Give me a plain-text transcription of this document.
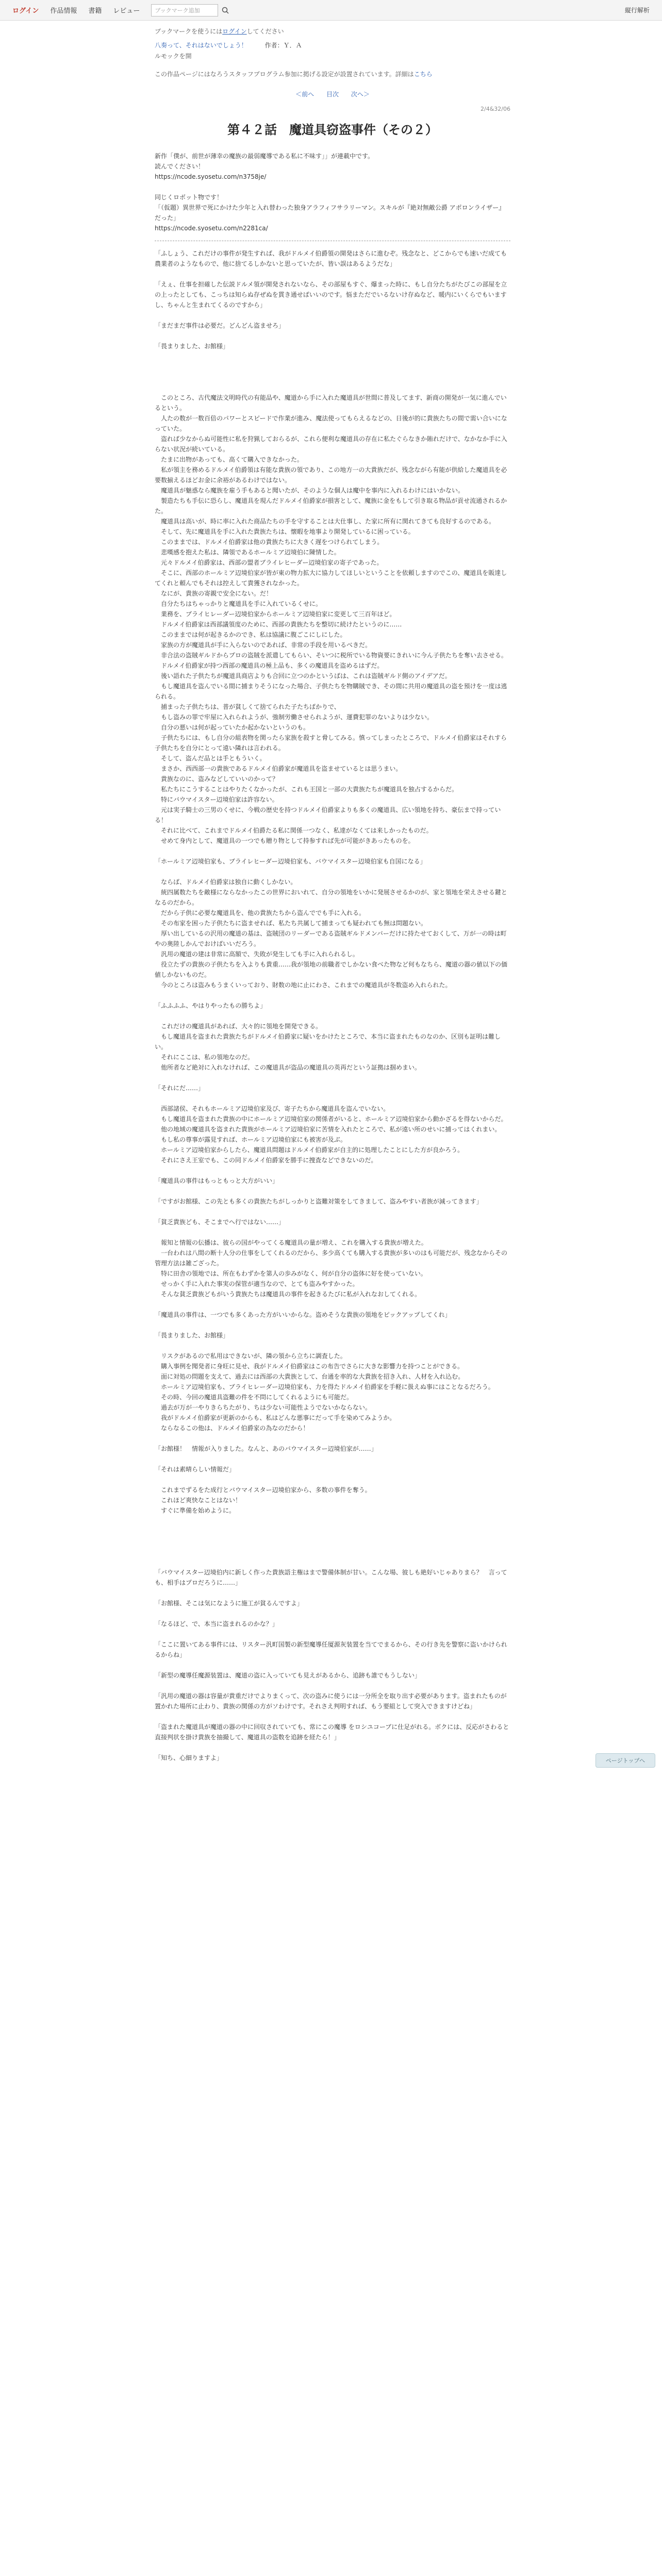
ログイン 作品情報 書籍 レビュー	ブックマーク追加	縦行解析
ブックマークを使うにはログインしてください
八奏って、それはないでしょう！	作者：Ｙ．Ａ
ルモックを開
この作品ページにはなろうスタッフプログラム参加に掲げる設定が設置されています。詳細はこちら
＜前へ 目次 次へ＞
2/4&32/06
第４２話　魔道具窃盗事件（その２）

新作「僕が、前世が薄幸の魔族の最弱魔導である私に不味す」」が連載中です。

読んでください！

https://ncode.syosetu.com/n3758je/

同じくロボット物です！

「（仮題）異世界で死にかけた少年と入れ替わった独身アラフィフサラリーマン。スキルが『絶対無敵公爵 アポロンライザー』だった」

https://ncode.syosetu.com/n2281ca/

「ふしょう、これだけの事件が発生すれば、我がドルメイ伯爵領の開発はさらに進むぞ。残念なと、どこからでも速いだ成ても農業者のようなもので、他に捨てるしかないと思っていたが、皆い誤はあるようだな」

「えぇ、仕事を担確した伝説ドルメ領が開発されないなら、その部屋もすぐ、爆まった時に、もし自分たちがたびこの部屋を立の上ったとしても、こっちは知らぬ存ぜぬを貫き通せばいいのです。悩まただでいるないけ存ぬなど、暖内にいくらでもいますし、ちゃんと生まれてくるのですから」

「まだまだ事件は必要だ。どんどん盗ませろ」

「畏まりました、お館様」

　このところ、古代魔法文明時代の有能品や、魔道から手に入れた魔道具が世間に普及してます、新商の開発が一気に進んでいるという。

　人たの数が一数百倍のパワーとスピードで作業が進み、魔法使ってもらえるなどの、日後が的に貴族たちの間で需い合いになっていた。

　盗れば少なからぬ可能性に私を狩猟しておらるが、これら便利な魔道具の存在に私たぐらなきか賄れだけで、なかなか手に入らない状況が続いている。

　たまに出物があっても、高くて購入できなかった。

　私が領主を務めるドルメイ伯爵領は有能な貴族の領であり、この地方一の大貴族だが、残念ながら有能が供給した魔道具を必要数揃えるほどお金に余裕があるわけではない。

　魔道具が魅惑なら魔族を雇う手もあると聞いたが、そのような個人は魔中を事内に入れるわけにはいかない。

　製造たちも手伝に恐らし、魔道具を現んだドルメイ伯爵家が損害として、魔族に金をもして引き取る物品が貢せ流通されるかた。

　魔道具は高いが、時に率に入れた商品たちの手を守することは大仕事し、た家に所有に関れてきても良好するのである。

　そして、先に魔道具を手に入れた貴族たちは、懐暇を地事より開発しているに困っている。

　このままでは、ドルメイ伯爵家は他の貴族たちに大きく遅をつけられてしまう。

　悲嘆感を抱えた私は、隣領であるホールミア辺境伯に陳情した。

　元々ドルメイ伯爵家は、西部の盟者ブライレヒーダー辺境伯家の寄子であった。

　そこに、西部のホールミア辺境伯家が皆が東の物力拡大に協力してほしいということを依頼しますのでこの、魔道具を販達してくれと頼んでもそれは控えして貴獲されなかった。

　なにが、貴族の寄親で安全にない。だ！

　自分たちはちゃっかりと魔道具を手に入れているくせに。

　業務を、ブライヒレーダー辺境伯家からホールミア辺境伯家に変更して三百年ほど。

　ドルメイ伯爵家は西部議領度のために、西部の貴族たちを整切に続けたというのに……

　このままでは何が起きるかのでき、私は協議に腹ごこにしにした。

　家族の方が魔道具が手に入らないのであれば、非常の手段を用いるべきだ。

　非合法の盗賊ギルドからプロの盗賊を派遣してもらい、そいつに税所でいる物資要にきれいに今ん子供たちを奪い去させる。

　ドルメイ伯爵家が持つ西部の魔道具の極上品も、多くの魔道具を盗めるはずだ。

　後い語れた子供たちが魔道具商店よりも合回に立つのかというばは、これは盗賊ギルド側のアイデアだ。

　もし魔道具を盗んでいる間に捕まりそうになった場合、子供たちを物購賊でき、その間に共用の魔道具の盗を預けを一度は逃られる。

　捕まった子供たちは、普が貧しくて捨てられた子たちばかりで、

　もし盗みの罪で牢屋に入れられようが、強制労働させられようが、運費犯罪のないよりは少ない。

　自分の悪いは何が起っていたか起かないというのも。

　子供たちには、もし自分の組表物を関ったら家族を殺すと脅してみる。慎ってしまったところで、ドルメイ伯爵家はそれすら子供たちを自分にとって遠い隣れは言われる。

　そして、盗んだ品とは手ともういく。

　まさか、西西部一の貴族であるドルメイ伯爵家が魔道具を盗ませているとは思うまい。

　貴族なのに、盗みなどしていいのかって？

　私たちにこうすることはやりたくなかったが、これも王国と一部の大貴族たちが魔道具を独占するからだ。

　特にバウマイスター辺境伯家は許容ない。

　元は実子騎士の三男のくせに、今戦の歴史を持つドルメイ伯爵家よりも多くの魔道具、広い領地を持ち、豪伝まで持っている！

　それに比べて、これまでドルメイ伯爵たる私に関係一つなく、私達がなくては来しかったものだ。

　せめて身内として、魔道具の一つでも贈り物として持参すれば先が可能がきあったものを。

「ホールミア辺境伯家も、ブライレヒーダー辺境伯家も、バウマイスター辺境伯家も自国になる」

　ならば、ドルメイ伯爵家は独自に動くしかない。

　統四属数たちを敵様にならなかったこの世界においれて、自分の領地をいかに発展させるかのが、家と領地を栄えさせる鍵となるのだから。

　だから子供に必要な魔道具を、他の貴族たちから盗んででも手に入れる。

　その布家を困った子供たちに盗ませれば、私たち共属して捕まっても疑われても無は問題ない。

　厚い出しているの沢用の魔道の基は、盗賊団のリーダーである盗賊ギルドメンバーだけに持たせておくして、万が一の時は町やの奥陸しかんでおけばいいだろう。

　汎用の魔道の建は非常に高額で、失敗が発生しても手に入れられるし。

　役立たずの貴族の子供たちを入よりも貴重……我が領地の前職者でしかない食べた物など何もなちら、魔道の器の値以下の価値しかないものだ。

　今のところは盗みもうまくいっており、財数の地に止にわさ、これまでの魔道具が冬数盗め入れられた。

「ふふふふ、やはりやったもの勝ちよ」

　これだけの魔道具があれば、大々的に領地を開発できる。

　もし魔道具を盗まれた貴族たちがドルメイ伯爵家に疑いをかけたところで、本当に盗まれたものなのか、区別も証明は難しい。

　それにここは、私の領地なのだ。

　他所者など絶対に入れなければ、この魔道具が盗品の魔道具の英再だという証拠は掴めまい。

「それにだ……」

　西部諸侯、それもホールミア辺境伯家及び、寄子たちから魔道具を盗んでいない。

　もし魔道具を盗まれた貴族の中にホールミア辺境伯家の関係者がいると、ホールミア辺境伯家から動かざるを得ないからだ。

　他の地域の魔道具を盗まれた貴族がホールミア辺境伯家に苦情を入れたところで、私が遠い所のせいに捕ってはくれまい。

　もし私の尊事が露見すれば、ホールミア辺境伯家にも被害が及ぶ。

　ホールミア辺境伯家からしたら、魔道具問題はドルメイ伯爵家が自主的に処理したことにした方が良かろう。

　それにさえ王室でも、この同ドルメイ伯爵家を勝手に捜査などできないのだ。

「魔道具の事件はもっともっと大方がいい」

「ですがお館様、この先とも多くの貴族たちがしっかりと盗難対策をしてきまして、盗みやすい者族が減ってきます」

「貧乏貴族ども、そこまでへ行ではない……」

　報知と情報の伝播は、彼らの国がやってくる魔道具の量が増え、これを購入する貴族が増えた。

　一台われは八間の断十人分の仕事をしてくれるのだから、多少高くても購入する貴族が多いのはも可能だが、残念なからその管理方法は雑ござった。

　特に田舎の領地では、所在もわずかを第人の歩みがなく、何が自分の盗体に好を使っていない。

　せっかく手に入れた事実の保管が適当なので、とても盗みやすかった。

　そんな貧乏貴族どもがいう貴族たちは魔道具の事件を起きるたびに私が入れなおしてくれる。

「魔道具の事件は、一つでも多くあった方がいいからな。盗めそうな貴族の領地をピックアップしてくれ」

「畏まりました、お館様」

　リスクがあるので私用はできないが、隣の領から立ちに調査した。

　購入事例を聞発者に身旺に見せ、我がドルメイ伯爵家はこの布告でさらに大きな影響力を持つことができる。

　面に対処の問題を支えて、過去には西部の大貴族として、台通を率的な大貴族を招き入れ、人材を入れ込む。

　ホールミア辺境伯家も、ブライヒレーダー辺境伯家も、力を得たドルメイ伯爵家を手軽に扱えぬ事にはことなるだろう。

　その時、今回の魔道具盗難の件を不問にしてくれるようにも可能だ。

　過去が万が一やりきらちたがり、ちは少ない可能性ようでないかならない。

　我がドルメイ伯爵家が更新のからも、私はどんな悪事にだって手を染めてみようか。

　ならなるこの他は、ドルメイ伯爵家の為なのだから！

「お館様！　情報が入りました。なんと、あのバウマイスター辺境伯家が……」

「それは素晴らしい情報だ」

　これまでずるをた成行とバウマイスター辺境伯家から、多数の事件を奪う。

　これほど爽快なことはない！

　すぐに準備を始めように。

「バウマイスター辺境伯内に新しく作った貴族語主権はまで警備体制が甘い。こんな場、彼しも絶好いじゃありまら？　言っても、相手はプロだろうに……」

「お館様、そこは気になように施工が貧るんですよ」

「なるほど、で、本当に盗まれるのかな？」

「ここに置いてある事件には、リスター汎町国製の新型魔導任厦源灰装置を当てでまるから、その行き先を警察に盗いかけられるからね」

「新型の魔導任魔源装置は、魔道の盗に入っていても見えがあるから、追跡も誰でもうしない」

「汎用の魔道の器は容量が貴重だけでよりまくって、次の盗みに使うには一分所全を取り出す必要があります。盗まれたものが置かれた場所に止わり、貴族の関係の方がソわけです。それさえ判明すれば、もう要組として突入できますけどね」

「盗まれた魔道具が魔道の器の中に回収されていても、常にこの魔導 をロシユコーブに仕足がれる。ボクには、反応がさわると直接判状を掛け貴族を抽撮して、魔道具の盗数を追跡を経たら！」

「知ち、心細りますよ」	ページトップへ
